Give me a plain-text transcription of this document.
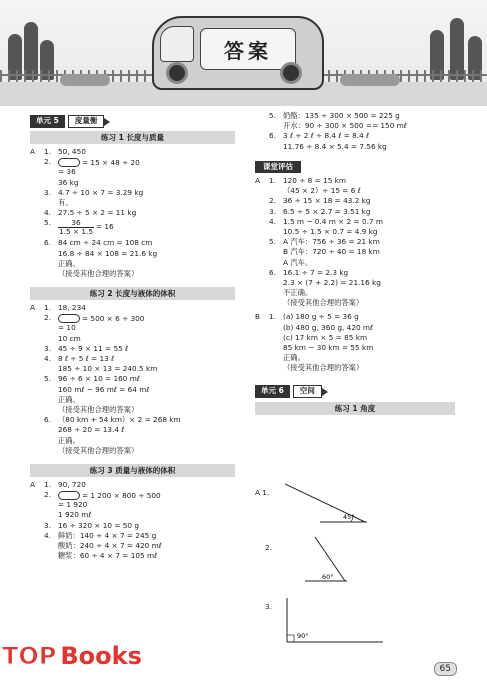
答案
单元 5	度量衡
练习 1 长度与质量
A 1. 50, 450
2.	= 15 × 48 ÷ 20
= 36
36 kg
3. 4.7 ÷ 10 × 7 = 3.29 kg
有。
4. 27.5 ÷ 5 × 2 = 11 kg
5. $\frac{36}{1.5 \times 1.5} = 16$
6. 84 cm ÷ 24 cm = 108 cm
16.8 ÷ 84 × 108 = 21.6 kg
正确。
（接受其他合理的答案）
练习 2 长度与液体的体积
A 1. 18, 234
2.	= 500 × 6 ÷ 300
= 10
10 cm
3. 45 ÷ 9 × 11 = 55 ℓ
4. 8 ℓ ÷ 5 ℓ = 13 ℓ
185 ÷ 10 × 13 = 240.5 km
5. 96 ÷ 6 × 10 = 160 mℓ
160 mℓ − 96 mℓ = 64 mℓ
正确。
（接受其他合理的答案）
6. （80 km + 54 km）× 2 = 268 km
268 ÷ 20 = 13.4 ℓ
正确。
（接受其他合理的答案）
练习 3 质量与液体的体积
A 1. 90, 720
2.	= 1 200 × 800 ÷ 500
= 1 920
1 920 mℓ
3. 16 ÷ 320 × 10 = 50 g
4. 鲜奶：140 ÷ 4 × 7 = 245 g
酸奶：240 ÷ 4 × 7 = 420 mℓ
糖浆：60 ÷ 4 × 7 = 105 mℓ
5. 奶酪：135 ÷ 300 × 500 = 225 g
开水：90 ÷ 300 × 500 == 150 mℓ
6. 3 ℓ ÷ 2 ℓ ÷ 8.4 ℓ = 8.4 ℓ
11.76 ÷ 8.4 × 5.4 = 7.56 kg
课堂评估
A 1. 120 ÷ 8 = 15 km
（45 × 2）÷ 15 = 6 ℓ
2. 36 ÷ 15 × 18 = 43.2 kg
3. 6.5 ÷ 5 × 2.7 = 3.51 kg
4. 1.5 m − 0.4 m × 2 = 0.7 m
10.5 ÷ 1.5 × 0.7 = 4.9 kg
5. A 汽车：756 ÷ 36 = 21 km
B 汽车：720 ÷ 40 = 18 km
A 汽车。
6. 16.1 ÷ 7 = 2.3 kg
2.3 × (7 + 2.2) = 21.16 kg
不正确。
（接受其他合理的答案）
B 1. (a) 180 g ÷ 5 = 36 g
(b) 480 g, 360 g, 420 mℓ
(c) 17 km × 5 = 85 km
85 km − 30 km = 55 km
正确。
（接受其他合理的答案）
单元 6	空间
练习 1 角度
A 1.
45°
2.
60°
3.
90°
TOP Books	65
